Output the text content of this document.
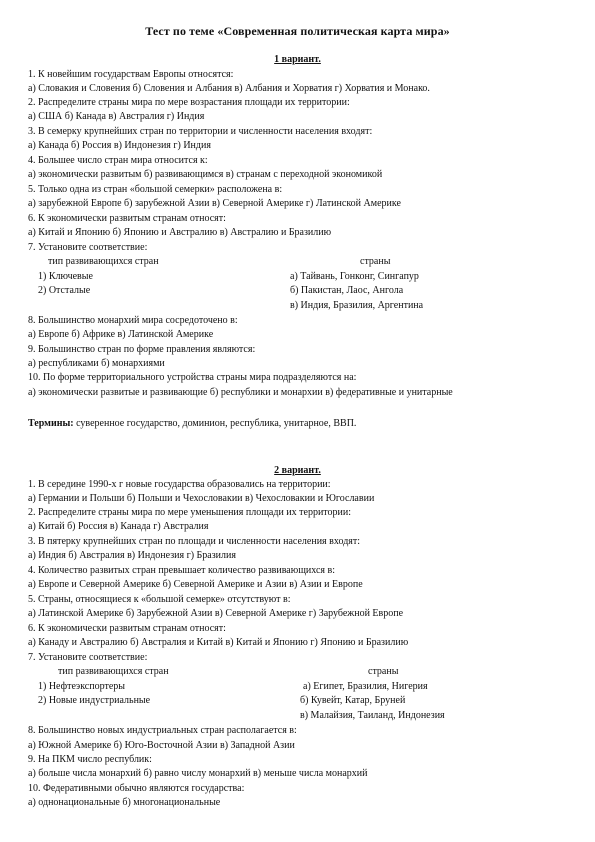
Тест по теме «Современная политическая карта мира»
1 вариант.
1. К новейшим государствам Европы относятся:
а) Словакия и Словения б) Словения и Албания в) Албания и Хорватия г) Хорватия и Монако.
2. Распределите страны мира по мере возрастания площади их территории:
а) США б) Канада в) Австралия г) Индия
3. В семерку крупнейших стран по территории и численности населения входят:
а) Канада б) Россия в) Индонезия г) Индия
4. Большее число стран мира относится к:
а) экономически развитым б) развивающимся в) странам с переходной экономикой
5. Только одна из стран «большой семерки» расположена в:
а) зарубежной Европе б) зарубежной Азии в) Северной Америке г) Латинской Америке
6. К экономически развитым странам относят:
а) Китай и Японию б) Японию и Австралию в) Австралию и Бразилию
7. Установите соответствие:
тип развивающихся стран	страны
1) Ключевые
2) Отсталые
а) Тайвань, Гонконг, Сингапур
б) Пакистан, Лаос, Ангола
в) Индия, Бразилия, Аргентина
8. Большинство монархий мира сосредоточено в:
а) Европе б) Африке в) Латинской Америке
9. Большинство стран по форме правления являются:
а) республиками б) монархиями
10. По форме территориального устройства страны мира подразделяются на:
а) экономически развитые и развивающие б) республики и монархии в) федеративные и унитарные
Термины: суверенное государство, доминион, республика, унитарное, ВВП.
2 вариант.
1. В середине 1990-х г новые государства образовались на территории:
а) Германии и Польши б) Польши и Чехословакии в) Чехословакии и Югославии
2. Распределите страны мира по мере уменьшения площади их территории:
а) Китай б) Россия в) Канада г) Австралия
3. В пятерку крупнейших стран по площади и численности населения входят:
а) Индия б) Австралия в) Индонезия г) Бразилия
4. Количество развитых стран превышает количество развивающихся в:
а) Европе и Северной Америке б) Северной Америке и Азии в) Азии и Европе
5. Страны, относящиеся к «большой семерке» отсутствуют в:
а) Латинской Америке б) Зарубежной Азии в) Северной Америке г) Зарубежной Европе
6. К экономически развитым странам относят:
а) Канаду и Австралию б) Австралия и Китай в) Китай и Японию г) Японию и Бразилию
7. Установите соответствие:
тип развивающихся стран	страны
1) Нефтеэкспортеры
2) Новые индустриальные
а) Египет, Бразилия, Нигерия
б) Кувейт, Катар, Бруней
в) Малайзия, Таиланд, Индонезия
8. Большинство новых индустриальных стран располагается в:
а) Южной Америке б) Юго-Восточной Азии в) Западной Азии
9. На ПКМ число республик:
а) больше числа монархий б) равно числу монархий в) меньше числа монархий
10. Федеративными обычно являются государства:
а) однонациональные б) многонациональные
